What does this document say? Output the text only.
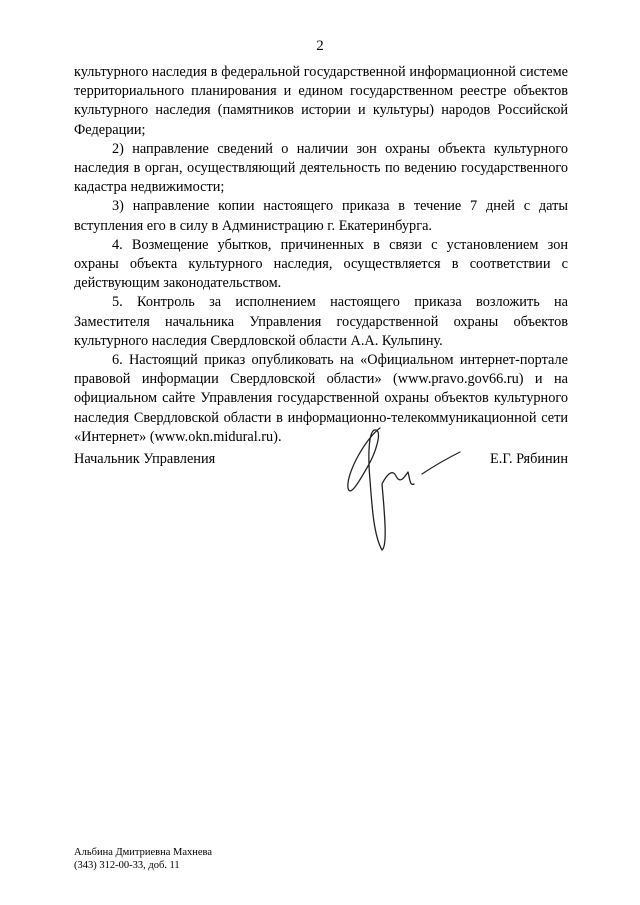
2

культурного наследия в федеральной государственной информационной системе территориального планирования и едином государственном реестре объектов культурного наследия (памятников истории и культуры) народов Российской Федерации;

2) направление сведений о наличии зон охраны объекта культурного наследия в орган, осуществляющий деятельность по ведению государственного кадастра недвижимости;

3) направление копии настоящего приказа в течение 7 дней с даты вступления его в силу в Администрацию г. Екатеринбурга.

4. Возмещение убытков, причиненных в связи с установлением зон охраны объекта культурного наследия, осуществляется в соответствии с действующим законодательством.

5. Контроль за исполнением настоящего приказа возложить на Заместителя начальника Управления государственной охраны объектов культурного наследия Свердловской области А.А. Кульпину.

6. Настоящий приказ опубликовать на «Официальном интернет-портале правовой информации Свердловской области» (www.pravo.gov66.ru) и на официальном сайте Управления государственной охраны объектов культурного наследия Свердловской области в информационно-телекоммуникационной сети «Интернет» (www.okn.midural.ru).

Начальник Управления	Е.Г. Рябинин
Альбина Дмитриевна Махнева
(343) 312-00-33, доб. 11
